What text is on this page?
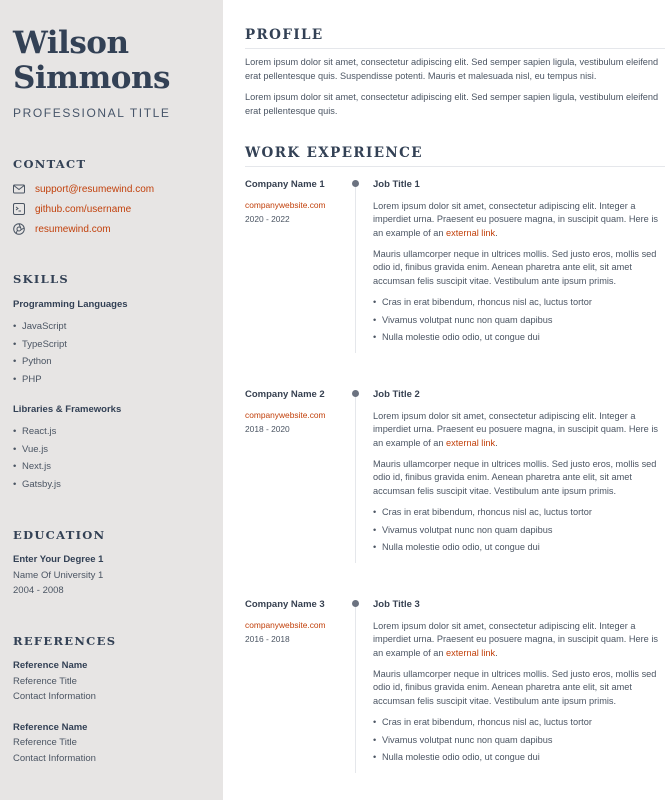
Wilson
Simmons
PROFESSIONAL TITLE
CONTACT
support@resumewind.com
github.com/username
resumewind.com
SKILLS
Programming Languages
• JavaScript
• TypeScript
• Python
• PHP
Libraries & Frameworks
• React.js
• Vue.js
• Next.js
• Gatsby.js
EDUCATION
Enter Your Degree 1
Name Of University 1
2004 - 2008
REFERENCES
Reference Name
Reference Title
Contact Information
Reference Name
Reference Title
Contact Information
PROFILE

Lorem ipsum dolor sit amet, consectetur adipiscing elit. Sed semper sapien ligula, vestibulum eleifend erat pellentesque quis. Suspendisse potenti. Mauris et malesuada nisl, eu tempus nisi.

Lorem ipsum dolor sit amet, consectetur adipiscing elit. Sed semper sapien ligula, vestibulum eleifend erat pellentesque quis.

WORK EXPERIENCE
Company Name 1
companywebsite.com
2020 - 2022
Job Title 1

Lorem ipsum dolor sit amet, consectetur adipiscing elit. Integer a imperdiet urna. Praesent eu posuere magna, in suscipit quam. Here is an example of an external link.

Mauris ullamcorper neque in ultrices mollis. Sed justo eros, mollis sed odio id, finibus gravida enim. Aenean pharetra ante elit, sit amet accumsan felis suscipit vitae. Vestibulum ante ipsum primis.

• Cras in erat bibendum, rhoncus nisl ac, luctus tortor
• Vivamus volutpat nunc non quam dapibus
• Nulla molestie odio odio, ut congue dui
Company Name 2
companywebsite.com
2018 - 2020
Job Title 2

Lorem ipsum dolor sit amet, consectetur adipiscing elit. Integer a imperdiet urna. Praesent eu posuere magna, in suscipit quam. Here is an example of an external link.

Mauris ullamcorper neque in ultrices mollis. Sed justo eros, mollis sed odio id, finibus gravida enim. Aenean pharetra ante elit, sit amet accumsan felis suscipit vitae. Vestibulum ante ipsum primis.

• Cras in erat bibendum, rhoncus nisl ac, luctus tortor
• Vivamus volutpat nunc non quam dapibus
• Nulla molestie odio odio, ut congue dui
Company Name 3
companywebsite.com
2016 - 2018
Job Title 3

Lorem ipsum dolor sit amet, consectetur adipiscing elit. Integer a imperdiet urna. Praesent eu posuere magna, in suscipit quam. Here is an example of an external link.

Mauris ullamcorper neque in ultrices mollis. Sed justo eros, mollis sed odio id, finibus gravida enim. Aenean pharetra ante elit, sit amet accumsan felis suscipit vitae. Vestibulum ante ipsum primis.

• Cras in erat bibendum, rhoncus nisl ac, luctus tortor
• Vivamus volutpat nunc non quam dapibus
• Nulla molestie odio odio, ut congue dui
